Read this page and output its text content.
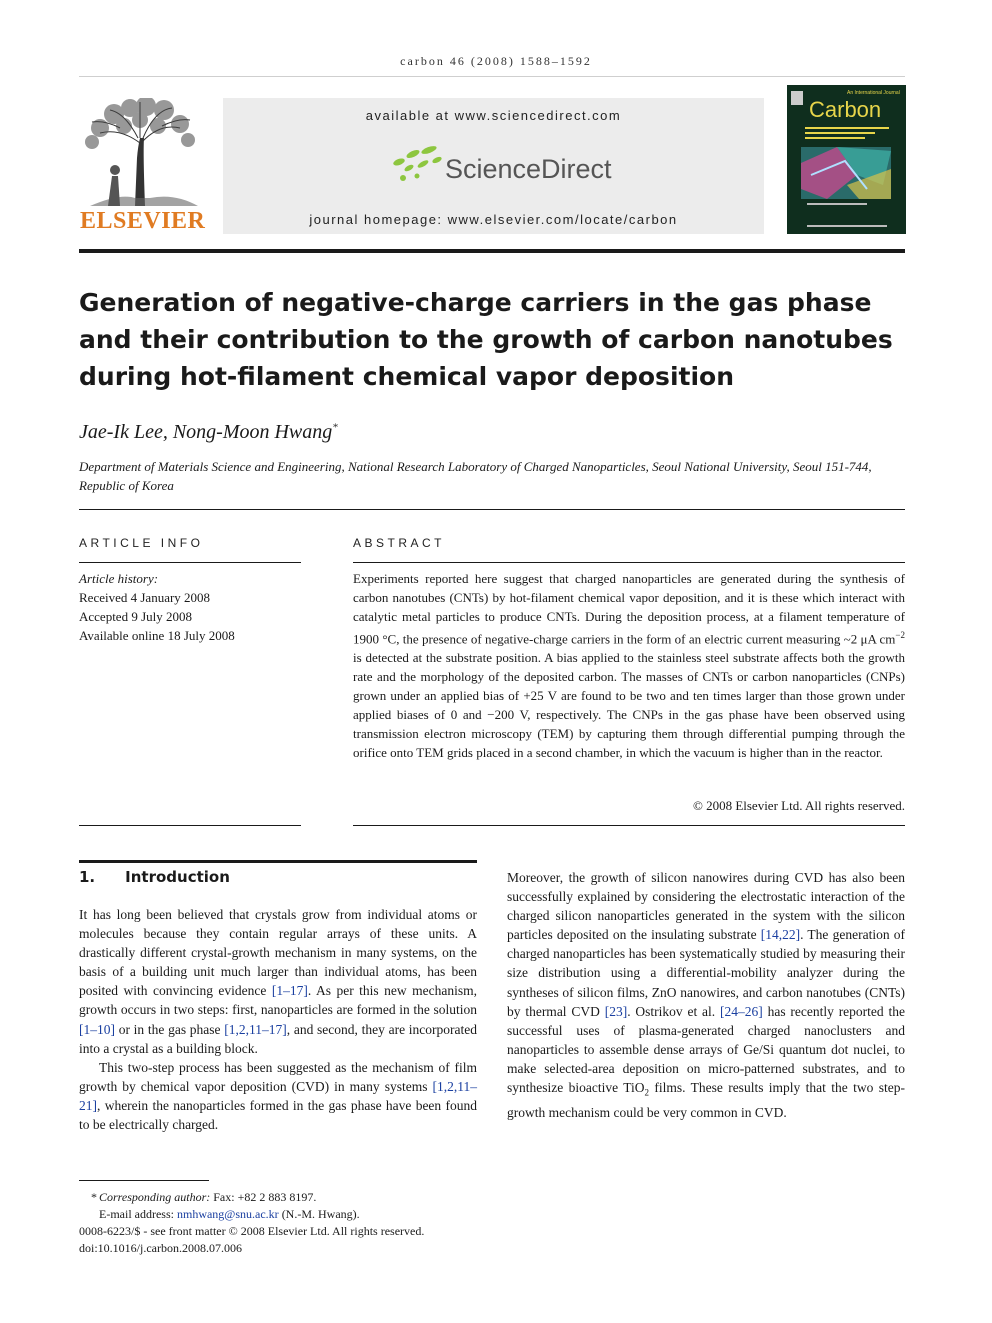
carbon 46 (2008) 1588–1592
ELSEVIER
available at www.sciencedirect.com
ScienceDirect
journal homepage: www.elsevier.com/locate/carbon
An International Journal
Carbon
Generation of negative-charge carriers in the gas phase and their contribution to the growth of carbon nanotubes during hot-filament chemical vapor deposition
Jae-Ik Lee, Nong-Moon Hwang*
Department of Materials Science and Engineering, National Research Laboratory of Charged Nanoparticles, Seoul National University, Seoul 151-744, Republic of Korea
ARTICLE INFO
Article history:
Received 4 January 2008
Accepted 9 July 2008
Available online 18 July 2008
ABSTRACT
Experiments reported here suggest that charged nanoparticles are generated during the synthesis of carbon nanotubes (CNTs) by hot-filament chemical vapor deposition, and it is these which interact with catalytic metal particles to produce CNTs. During the deposition process, at a filament temperature of 1900 °C, the presence of negative-charge carriers in the form of an electric current measuring ~2 μA $cm^{-2}$ is detected at the substrate position. A bias applied to the stainless steel substrate affects both the growth rate and the morphology of the deposited carbon. The masses of CNTs or carbon nanoparticles (CNPs) grown under an applied bias of +25 V are found to be two and ten times larger than those grown under applied biases of 0 and −200 V, respectively. The CNPs in the gas phase have been observed using transmission electron microscopy (TEM) by capturing them through differential pumping through the orifice onto TEM grids placed in a second chamber, in which the vacuum is higher than in the reactor.
© 2008 Elsevier Ltd. All rights reserved.
1. Introduction

It has long been believed that crystals grow from individual atoms or molecules because they contain regular arrays of these units. A drastically different crystal-growth mechanism in many systems, on the basis of a building unit much larger than individual atoms, has been posited with convincing evidence [1–17]. As per this new mechanism, growth occurs in two steps: first, nanoparticles are formed in the solution [1–10] or in the gas phase [1,2,11–17], and second, they are incorporated into a crystal as a building block.

This two-step process has been suggested as the mechanism of film growth by chemical vapor deposition (CVD) in many systems [1,2,11–21], wherein the nanoparticles formed in the gas phase have been found to be electrically charged.

Moreover, the growth of silicon nanowires during CVD has also been successfully explained by considering the electrostatic interaction of the charged silicon nanoparticles generated in the system with the silicon particles deposited on the insulating substrate [14,22]. The generation of charged nanoparticles has been systematically studied by measuring their size distribution using a differential-mobility analyzer during the syntheses of silicon films, ZnO nanowires, and carbon nanotubes (CNTs) by thermal CVD [23]. Ostrikov et al. [24–26] has recently reported the successful uses of plasma-generated charged nanoclusters and nanoparticles to assemble dense arrays of Ge/Si quantum dot nuclei, to make selected-area deposition on micro-patterned substrates, and to synthesize bioactive TiO$_2$ films. These results imply that the two step-growth mechanism could be very common in CVD.

* Corresponding author: Fax: +82 2 883 8197.
E-mail address: nmhwang@snu.ac.kr (N.-M. Hwang).
0008-6223/$ - see front matter © 2008 Elsevier Ltd. All rights reserved.
doi:10.1016/j.carbon.2008.07.006
